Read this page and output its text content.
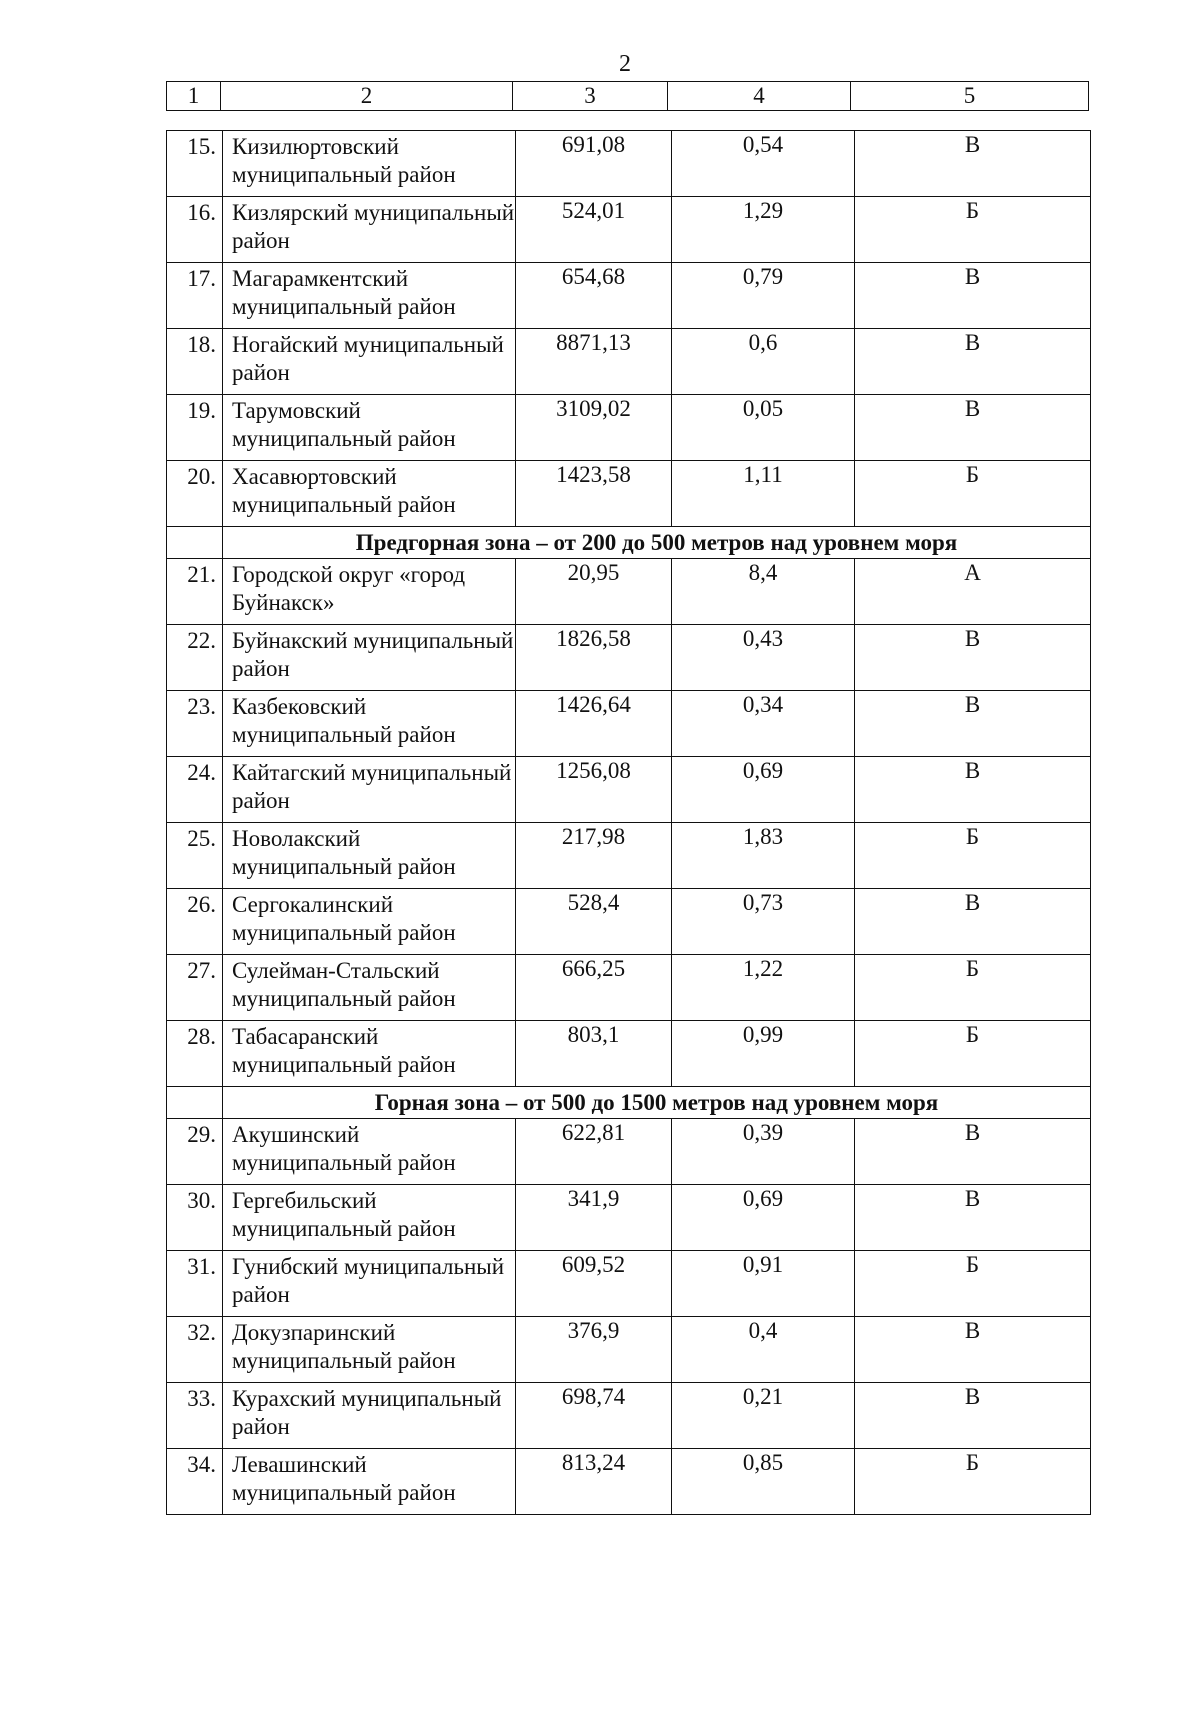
2
1	2	3	4	5
15.	Кизилюртовский муниципальный район	691,08	0,54	В
16.	Кизлярский муниципальный район	524,01	1,29	Б
17.	Магарамкентский муниципальный район	654,68	0,79	В
18.	Ногайский муниципальный район	8871,13	0,6	В
19.	Тарумовский муниципальный район	3109,02	0,05	В
20.	Хасавюртовский муниципальный район	1423,58	1,11	Б
	Предгорная зона – от 200 до 500 метров над уровнем моря			
21.	Городской округ «город Буйнакск»	20,95	8,4	А
22.	Буйнакский муниципальный район	1826,58	0,43	В
23.	Казбековский муниципальный район	1426,64	0,34	В
24.	Кайтагский муниципальный район	1256,08	0,69	В
25.	Новолакский муниципальный район	217,98	1,83	Б
26.	Сергокалинский муниципальный район	528,4	0,73	В
27.	Сулейман-Стальский муниципальный район	666,25	1,22	Б
28.	Табасаранский муниципальный район	803,1	0,99	Б
	Горная зона – от 500 до 1500 метров над уровнем моря			
29.	Акушинский муниципальный район	622,81	0,39	В
30.	Гергебильский муниципальный район	341,9	0,69	В
31.	Гунибский муниципальный район	609,52	0,91	Б
32.	Докузпаринский муниципальный район	376,9	0,4	В
33.	Курахский муниципальный район	698,74	0,21	В
34.	Левашинский муниципальный район	813,24	0,85	Б
